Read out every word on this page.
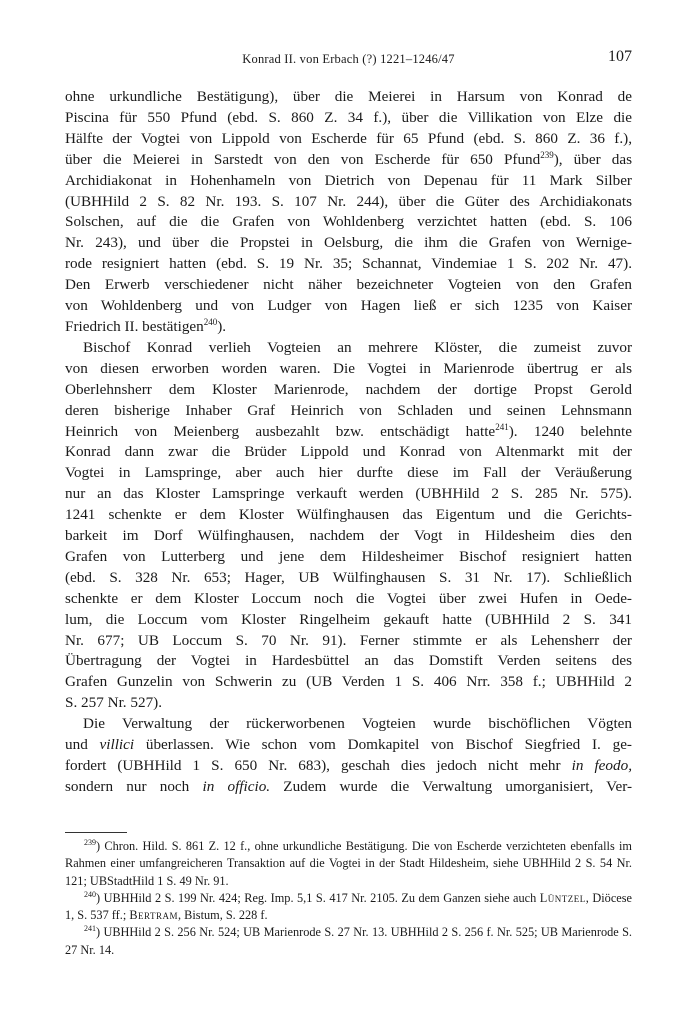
Konrad II. von Erbach (?) 1221–1246/47	107

ohne urkundliche Bestätigung), über die Meierei in Harsum von Konrad de
Piscina für 550 Pfund (ebd. S. 860 Z. 34 f.), über die Villikation von Elze die
Hälfte der Vogtei von Lippold von Escherde für 65 Pfund (ebd. S. 860 Z. 36 f.),
über die Meierei in Sarstedt von den von Escherde für 650 Pfund$^{239}$), über das
Archidiakonat in Hohenhameln von Dietrich von Depenau für 11 Mark Silber
(UBHHild 2 S. 82 Nr. 193. S. 107 Nr. 244), über die Güter des Archidiakonats
Solschen, auf die die Grafen von Wohldenberg verzichtet hatten (ebd. S. 106
Nr. 243), und über die Propstei in Oelsburg, die ihm die Grafen von Wernige-
rode resigniert hatten (ebd. S. 19 Nr. 35; Schannat, Vindemiae 1 S. 202 Nr. 47).
Den Erwerb verschiedener nicht näher bezeichneter Vogteien von den Grafen
von Wohldenberg und von Ludger von Hagen ließ er sich 1235 von Kaiser
Friedrich II. bestätigen$^{240}$).

Bischof Konrad verlieh Vogteien an mehrere Klöster, die zumeist zuvor
von diesen erworben worden waren. Die Vogtei in Marienrode übertrug er als
Oberlehnsherr dem Kloster Marienrode, nachdem der dortige Propst Gerold
deren bisherige Inhaber Graf Heinrich von Schladen und seinen Lehnsmann
Heinrich von Meienberg ausbezahlt bzw. entschädigt hatte$^{241}$). 1240 belehnte
Konrad dann zwar die Brüder Lippold und Konrad von Altenmarkt mit der
Vogtei in Lamspringe, aber auch hier durfte diese im Fall der Veräußerung
nur an das Kloster Lamspringe verkauft werden (UBHHild 2 S. 285 Nr. 575).
1241 schenkte er dem Kloster Wülfinghausen das Eigentum und die Gerichts-
barkeit im Dorf Wülfinghausen, nachdem der Vogt in Hildesheim dies den
Grafen von Lutterberg und jene dem Hildesheimer Bischof resigniert hatten
(ebd. S. 328 Nr. 653; Hager, UB Wülfinghausen S. 31 Nr. 17). Schließlich
schenkte er dem Kloster Loccum noch die Vogtei über zwei Hufen in Oede-
lum, die Loccum vom Kloster Ringelheim gekauft hatte (UBHHild 2 S. 341
Nr. 677; UB Loccum S. 70 Nr. 91). Ferner stimmte er als Lehensherr der
Übertragung der Vogtei in Hardesbüttel an das Domstift Verden seitens des
Grafen Gunzelin von Schwerin zu (UB Verden 1 S. 406 Nrr. 358 f.; UBHHild 2
S. 257 Nr. 527).

Die Verwaltung der rückerworbenen Vogteien wurde bischöflichen Vögten
und villici überlassen. Wie schon vom Domkapitel von Bischof Siegfried I. ge-
fordert (UBHHild 1 S. 650 Nr. 683), geschah dies jedoch nicht mehr in feodo,
sondern nur noch in officio. Zudem wurde die Verwaltung umorganisiert, Ver-

$^{239}$) Chron. Hild. S. 861 Z. 12 f., ohne urkundliche Bestätigung. Die von Escherde verzichteten ebenfalls im Rahmen einer umfangreicheren Transaktion auf die Vogtei in der Stadt Hildesheim, siehe UBHHild 2 S. 54 Nr. 121; UBStadtHild 1 S. 49 Nr. 91.

$^{240}$) UBHHild 2 S. 199 Nr. 424; Reg. Imp. 5,1 S. 417 Nr. 2105. Zu dem Ganzen siehe auch Lüntzel, Diöcese 1, S. 537 ff.; Bertram, Bistum, S. 228 f.

$^{241}$) UBHHild 2 S. 256 Nr. 524; UB Marienrode S. 27 Nr. 13. UBHHild 2 S. 256 f. Nr. 525; UB Marienrode S. 27 Nr. 14.
